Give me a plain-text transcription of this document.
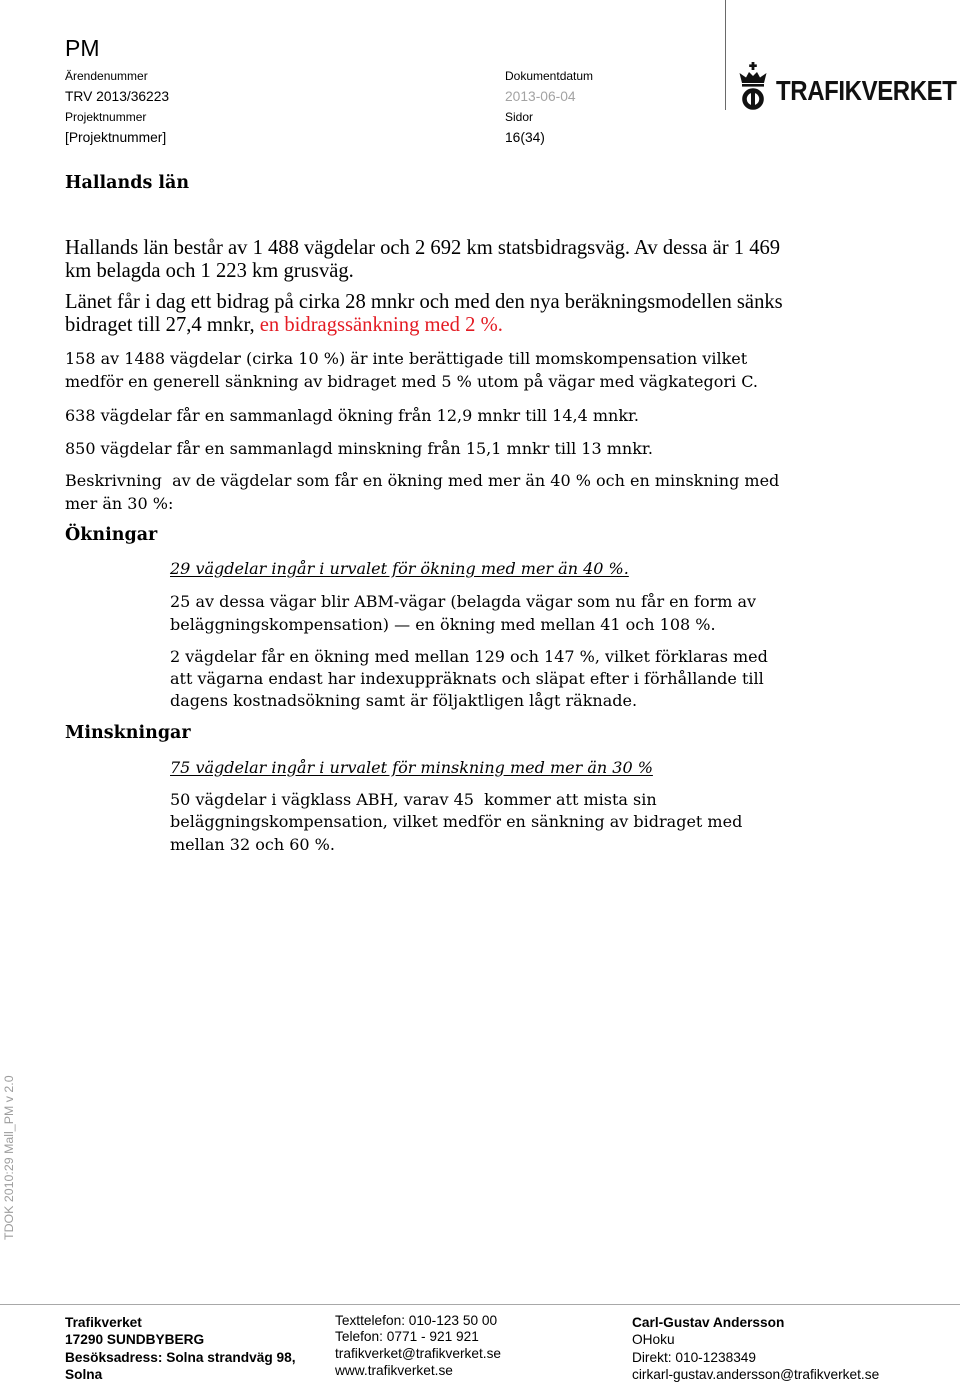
PM
Ärendenummer
TRV 2013/36223
Projektnummer
[Projektnummer]
Dokumentdatum
2013-06-04
Sidor
16(34)
TRAFIKVERKET
Hallands län
Hallands län består av 1 488 vägdelar och 2 692 km statsbidragsväg. Av dessa är 1 469
km belagda och 1 223 km grusväg.
Länet får i dag ett bidrag på cirka 28 mnkr och med den nya beräkningsmodellen sänks
bidraget till 27,4 mnkr, en bidragssänkning med 2 %.
158 av 1488 vägdelar (cirka 10 %) är inte berättigade till momskompensation vilket
medför en generell sänkning av bidraget med 5 % utom på vägar med vägkategori C.
638 vägdelar får en sammanlagd ökning från 12,9 mnkr till 14,4 mnkr.
850 vägdelar får en sammanlagd minskning från 15,1 mnkr till 13 mnkr.
Beskrivning  av de vägdelar som får en ökning med mer än 40 % och en minskning med
mer än 30 %:
Ökningar
29 vägdelar ingår i urvalet för ökning med mer än 40 %.
25 av dessa vägar blir ABM-vägar (belagda vägar som nu får en form av
beläggningskompensation) — en ökning med mellan 41 och 108 %.
2 vägdelar får en ökning med mellan 129 och 147 %, vilket förklaras med
att vägarna endast har indexuppräknats och släpat efter i förhållande till
dagens kostnadsökning samt är följaktligen lågt räknade.
Minskningar
75 vägdelar ingår i urvalet för minskning med mer än 30 %
50 vägdelar i vägklass ABH, varav 45  kommer att mista sin
beläggningskompensation, vilket medför en sänkning av bidraget med
mellan 32 och 60 %.
TDOK 2010:29 Mall_PM v 2.0
Trafikverket
17290 SUNDBYBERG
Besöksadress: Solna strandväg 98,
Solna
Texttelefon: 010-123 50 00
Telefon: 0771 - 921 921
trafikverket@trafikverket.se
www.trafikverket.se
Carl-Gustav Andersson
OHoku
Direkt: 010-1238349
cirkarl-gustav.andersson@trafikverket.se
